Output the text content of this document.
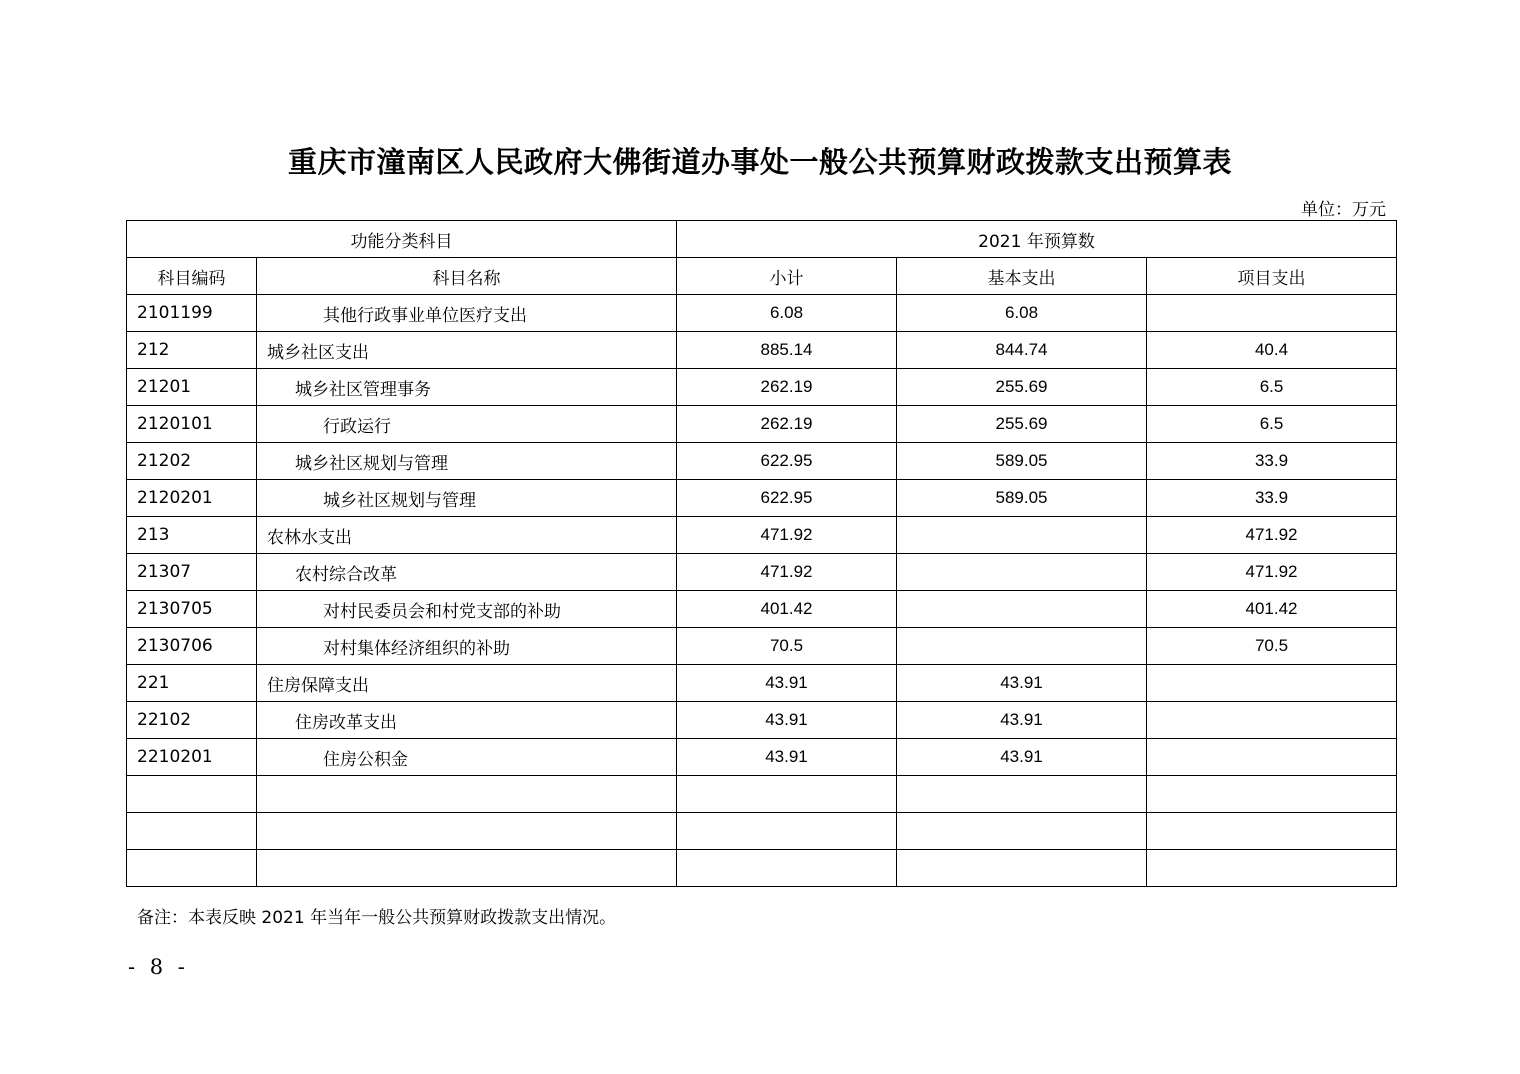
重庆市潼南区人民政府大佛街道办事处一般公共预算财政拨款支出预算表
单位：万元
功能分类科目		2021 年预算数		
科目编码	科目名称	小计	基本支出	项目支出
2101199	其他行政事业单位医疗支出	6.08	6.08	
212	城乡社区支出	885.14	844.74	40.4
21201	城乡社区管理事务	262.19	255.69	6.5
2120101	行政运行	262.19	255.69	6.5
21202	城乡社区规划与管理	622.95	589.05	33.9
2120201	城乡社区规划与管理	622.95	589.05	33.9
213	农林水支出	471.92		471.92
21307	农村综合改革	471.92		471.92
2130705	对村民委员会和村党支部的补助	401.42		401.42
2130706	对村集体经济组织的补助	70.5		70.5
221	住房保障支出	43.91	43.91	
22102	住房改革支出	43.91	43.91	
2210201	住房公积金	43.91	43.91	

备注：本表反映 2021 年当年一般公共预算财政拨款支出情况。
- 8 -
